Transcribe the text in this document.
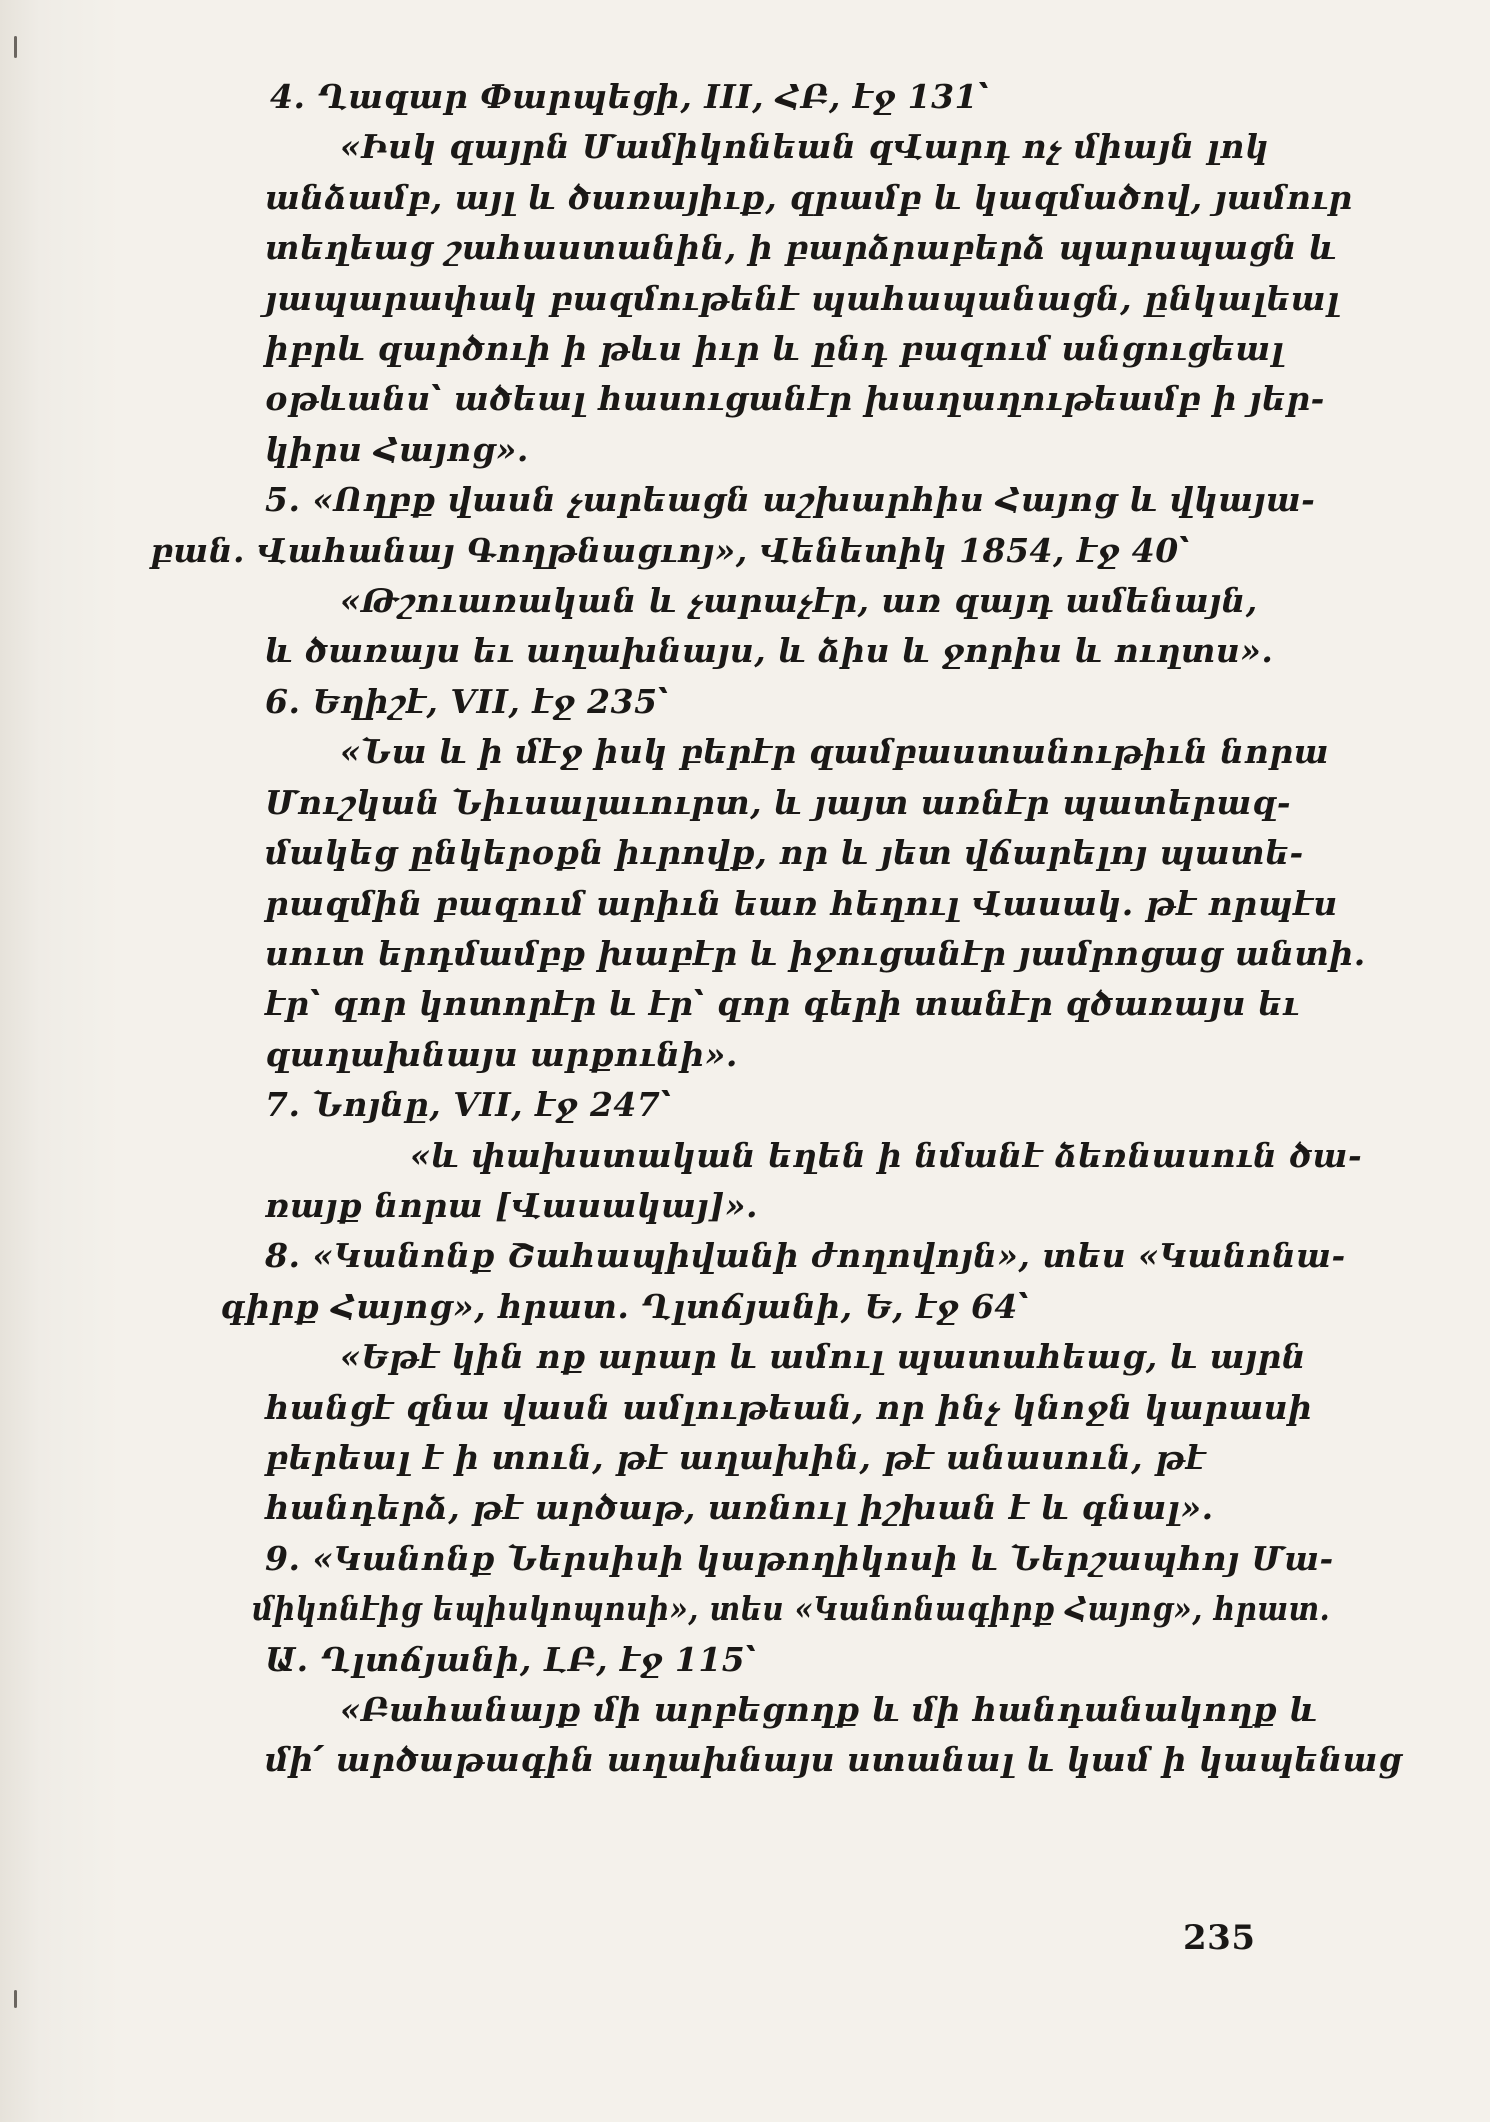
4. Ղազար Փարպեցի, III, ՀԲ, էջ 131՝
«Իսկ զայրն Մամիկոնեան զՎարդ ոչ միայն լոկ
անձամբ, այլ և ծառայիւք, զրամբ և կազմածով, յամուր
տեղեաց շահաստանին, ի բարձրաբերձ պարսպացն և
յապարափակ բազմութենէ պահապանացն, ընկալեալ
իբրև զարծուի ի թևս իւր և ընդ բազում անցուցեալ
օթևանս՝ ածեալ հասուցանէր խաղաղութեամբ ի յեր-
կիրս Հայոց».
5. «Ողբք վասն չարեացն աշխարհիս Հայոց և վկայա-
բան. Վահանայ Գողթնացւոյ», Վենետիկ 1854, էջ 40՝
«Թշուառական և չարաչէր, առ զայդ ամենայն,
և ծառայս եւ աղախնայս, և ձիս և ջորիս և ուղտս».
6. Եղիշէ, VII, էջ 235՝
«Նա և ի մէջ իսկ բերէր զամբաստանութիւն նորա
Մուշկան Նիւսալաւուրտ, և յայտ առնէր պատերազ-
մակեց ընկերօքն իւրովք, որ և յետ վճարելոյ պատե-
րազմին բազում արիւն եառ հեղուլ Վասակ. թէ որպէս
սուտ երդմամբք խաբէր և իջուցանէր յամրոցաց անտի.
էր՝ զոր կոտորէր և էր՝ զոր գերի տանէր զծառայս եւ
զաղախնայս արքունի».
7. Նոյնը, VII, էջ 247՝
«և փախստական եղեն ի նմանէ ձեռնասուն ծա-
ռայք նորա [Վասակայ]».
8. «Կանոնք Շահապիվանի ժողովոյն», տես «Կանոնա-
գիրք Հայոց», հրատ. Ղլտճյանի, Ե, էջ 64՝
«Եթէ կին ոք արար և ամուլ պատահեաց, և այրն
հանցէ զնա վասն ամլութեան, որ ինչ կնոջն կարասի
բերեալ է ի տուն, թէ աղախին, թէ անասուն, թէ
հանդերձ, թէ արծաթ, առնուլ իշխան է և գնալ».
9. «Կանոնք Ներսիսի կաթողիկոսի և Ներշապհոյ Մա-
միկոնէից եպիսկոպոսի», տես «Կանոնագիրք Հայոց», հրատ.
Ա. Ղլտճյանի, ԼԲ, էջ 115՝
«Բահանայք մի արբեցողք և մի հանդանակողք և
մի՛ արծաթագին աղախնայս ստանալ և կամ ի կապենաց
235
